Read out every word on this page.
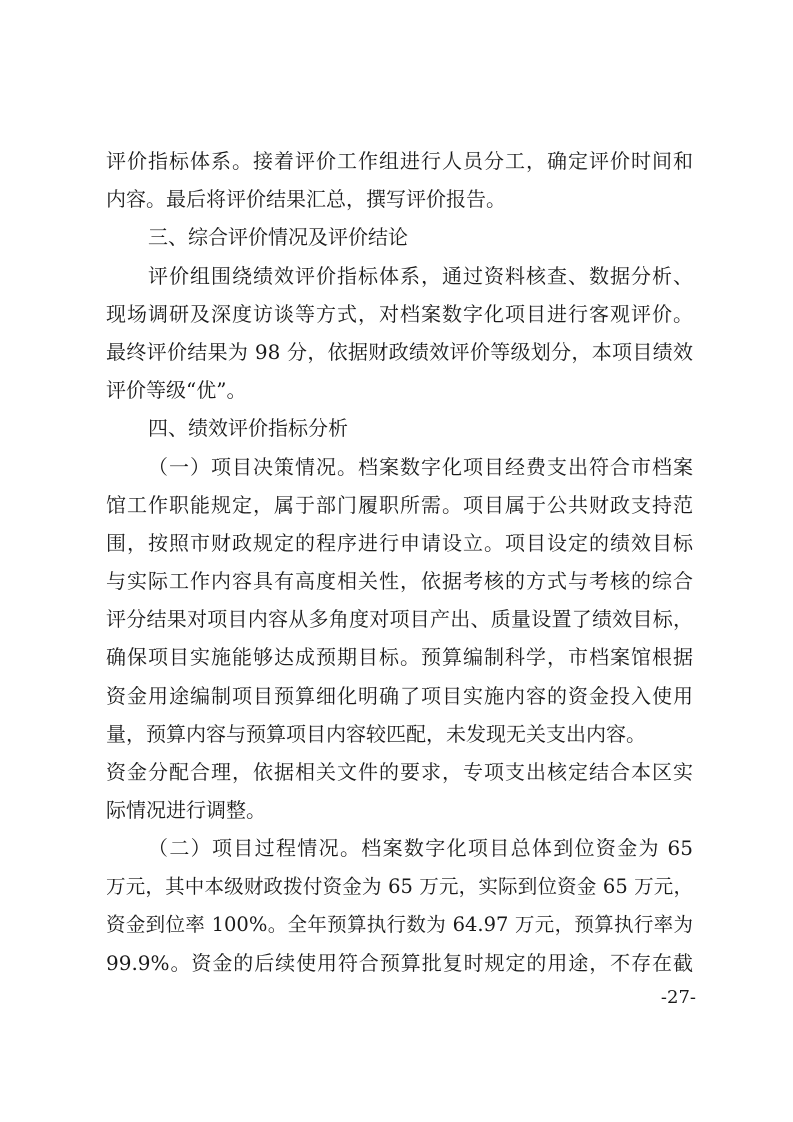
评价指标体系。接着评价工作组进行人员分工，确定评价时间和
内容。最后将评价结果汇总，撰写评价报告。
三、综合评价情况及评价结论
评价组围绕绩效评价指标体系，通过资料核查、数据分析、
现场调研及深度访谈等方式，对档案数字化项目进行客观评价。
最终评价结果为 98 分，依据财政绩效评价等级划分，本项目绩效
评价等级“优”。
四、绩效评价指标分析
（一）项目决策情况。档案数字化项目经费支出符合市档案
馆工作职能规定，属于部门履职所需。项目属于公共财政支持范
围，按照市财政规定的程序进行申请设立。项目设定的绩效目标
与实际工作内容具有高度相关性，依据考核的方式与考核的综合
评分结果对项目内容从多角度对项目产出、质量设置了绩效目标，
确保项目实施能够达成预期目标。预算编制科学，市档案馆根据
资金用途编制项目预算细化明确了项目实施内容的资金投入使用
量，预算内容与预算项目内容较匹配，未发现无关支出内容。
资金分配合理，依据相关文件的要求，专项支出核定结合本区实
际情况进行调整。
（二）项目过程情况。档案数字化项目总体到位资金为 65
万元，其中本级财政拨付资金为 65 万元，实际到位资金 65 万元，
资金到位率 100%。全年预算执行数为 64.97 万元，预算执行率为
99.9%。资金的后续使用符合预算批复时规定的用途，不存在截
-27-
